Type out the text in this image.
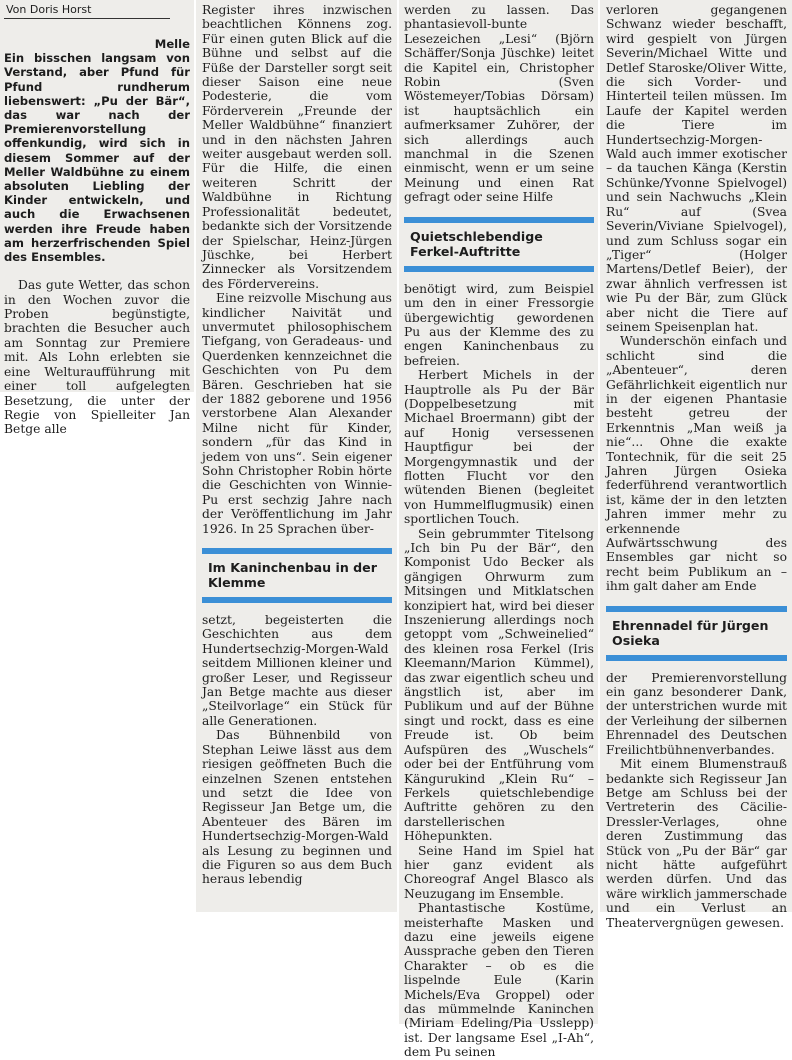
Von Doris Horst

Melle
Ein bisschen langsam von Verstand, aber Pfund für Pfund rundherum liebenswert: „Pu der Bär“, das war nach der Premierenvorstellung offenkundig, wird sich in diesem Sommer auf der Meller Waldbühne zu einem absoluten Liebling der Kinder entwickeln, und auch die Erwachsenen werden ihre Freude haben am herzerfrischenden Spiel des Ensembles.

Das gute Wetter, das schon in den Wochen zuvor die Proben begünstigte, brachten die Besucher auch am Sonntag zur Premiere mit. Als Lohn erlebten sie eine Welturaufführung mit einer toll aufgelegten Besetzung, die unter der Regie von Spielleiter Jan Betge alle

Register ihres inzwischen beachtlichen Könnens zog. Für einen guten Blick auf die Bühne und selbst auf die Füße der Darsteller sorgt seit dieser Saison eine neue Podesterie, die vom Förderverein „Freunde der Meller Waldbühne“ finanziert und in den nächsten Jahren weiter ausgebaut werden soll. Für die Hilfe, die einen weiteren Schritt der Waldbühne in Richtung Professionalität bedeutet, bedankte sich der Vorsitzende der Spielschar, Heinz-Jürgen Jüschke, bei Herbert Zinnecker als Vorsitzendem des Fördervereins.

Eine reizvolle Mischung aus kindlicher Naivität und unvermutet philosophischem Tiefgang, von Geradeaus- und Querdenken kennzeichnet die Geschichten von Pu dem Bären. Geschrieben hat sie der 1882 geborene und 1956 verstorbene Alan Alexander Milne nicht für Kinder, sondern „für das Kind in jedem von uns“. Sein eigener Sohn Christopher Robin hörte die Geschichten von Winnie-Pu erst sechzig Jahre nach der Veröffentlichung im Jahr 1926. In 25 Sprachen über-

Im Kaninchenbau in der Klemme

setzt, begeisterten die Geschichten aus dem Hundertsechzig-Morgen-Wald seitdem Millionen kleiner und großer Leser, und Regisseur Jan Betge machte aus dieser „Steilvorlage“ ein Stück für alle Generationen.

Das Bühnenbild von Stephan Leiwe lässt aus dem riesigen geöffneten Buch die einzelnen Szenen entstehen und setzt die Idee von Regisseur Jan Betge um, die Abenteuer des Bären im Hundertsechzig-Morgen-Wald als Lesung zu beginnen und die Figuren so aus dem Buch heraus lebendig

werden zu lassen. Das phantasievoll-bunte Lesezeichen „Lesi“ (Björn Schäffer/Sonja Jüschke) leitet die Kapitel ein, Christopher Robin (Sven Wöstemeyer/Tobias Dörsam) ist hauptsächlich ein aufmerksamer Zuhörer, der sich allerdings auch manchmal in die Szenen einmischt, wenn er um seine Meinung und einen Rat gefragt oder seine Hilfe

Quietschlebendige Ferkel-Auftritte

benötigt wird, zum Beispiel um den in einer Fressorgie übergewichtig gewordenen Pu aus der Klemme des zu engen Kaninchenbaus zu befreien.

Herbert Michels in der Hauptrolle als Pu der Bär (Doppelbesetzung mit Michael Broermann) gibt der auf Honig versessenen Hauptfigur bei der Morgengymnastik und der flotten Flucht vor den wütenden Bienen (begleitet von Hummelflugmusik) einen sportlichen Touch.

Sein gebrummter Titelsong „Ich bin Pu der Bär“, den Komponist Udo Becker als gängigen Ohrwurm zum Mitsingen und Mitklatschen konzipiert hat, wird bei dieser Inszenierung allerdings noch getoppt vom „Schweinelied“ des kleinen rosa Ferkel (Iris Kleemann/Marion Kümmel), das zwar eigentlich scheu und ängstlich ist, aber im Publikum und auf der Bühne singt und rockt, dass es eine Freude ist. Ob beim Aufspüren des „Wuschels“ oder bei der Entführung vom Kängurukind „Klein Ru“ – Ferkels quietschlebendige Auftritte gehören zu den darstellerischen Höhepunkten.

Seine Hand im Spiel hat hier ganz evident als Choreograf Angel Blasco als Neuzugang im Ensemble.

Phantastische Kostüme, meisterhafte Masken und dazu eine jeweils eigene Aussprache geben den Tieren Charakter – ob es die lispelnde Eule (Karin Michels/Eva Groppel) oder das mümmelnde Kaninchen (Miriam Edeling/Pia Usslepp) ist. Der langsame Esel „I-Ah“, dem Pu seinen

verloren gegangenen Schwanz wieder beschafft, wird gespielt von Jürgen Severin/Michael Witte und Detlef Staroske/Oliver Witte, die sich Vorder- und Hinterteil teilen müssen. Im Laufe der Kapitel werden die Tiere im Hundertsechzig-Morgen-Wald auch immer exotischer – da tauchen Känga (Kerstin Schünke/Yvonne Spielvogel) und sein Nachwuchs „Klein Ru“ auf (Svea Severin/Viviane Spielvogel), und zum Schluss sogar ein „Tiger“ (Holger Martens/Detlef Beier), der zwar ähnlich verfressen ist wie Pu der Bär, zum Glück aber nicht die Tiere auf seinem Speisenplan hat.

Wunderschön einfach und schlicht sind die „Abenteuer“, deren Gefährlichkeit eigentlich nur in der eigenen Phantasie besteht getreu der Erkenntnis „Man weiß ja nie“... Ohne die exakte Tontechnik, für die seit 25 Jahren Jürgen Osieka federführend verantwortlich ist, käme der in den letzten Jahren immer mehr zu erkennende Aufwärtsschwung des Ensembles gar nicht so recht beim Publikum an – ihm galt daher am Ende

Ehrennadel für Jürgen Osieka

der Premierenvorstellung ein ganz besonderer Dank, der unterstrichen wurde mit der Verleihung der silbernen Ehrennadel des Deutschen Freilichtbühnenverbandes.

Mit einem Blumenstrauß bedankte sich Regisseur Jan Betge am Schluss bei der Vertreterin des Cäcilie-Dressler-Verlages, ohne deren Zustimmung das Stück von „Pu der Bär“ gar nicht hätte aufgeführt werden dürfen. Und das wäre wirklich jammerschade und ein Verlust an Theatervergnügen gewesen.
